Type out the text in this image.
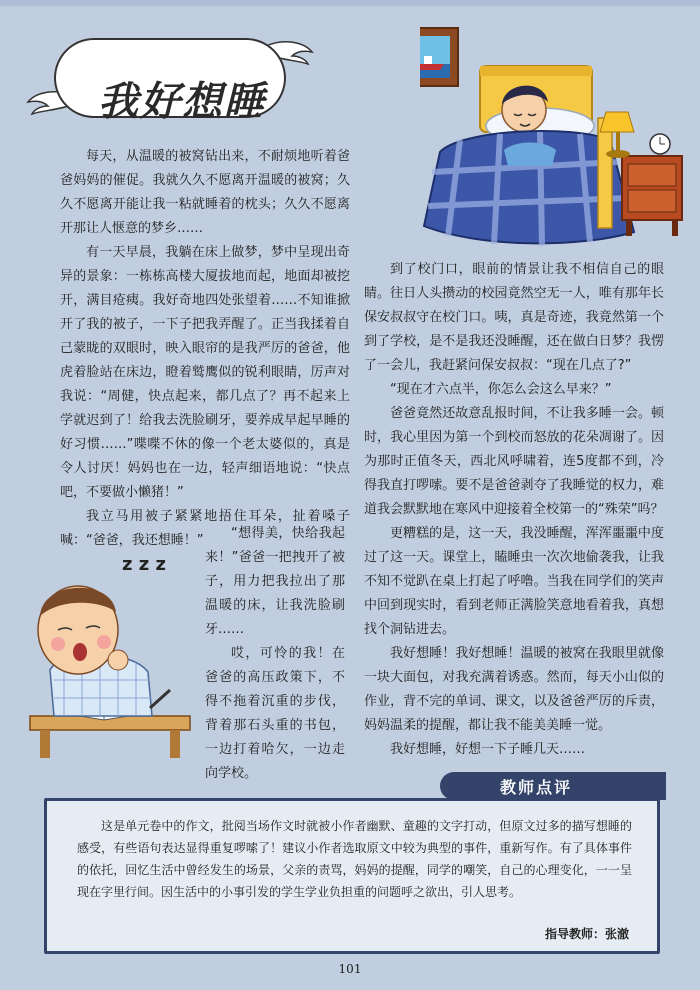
我好想睡

每天，从温暖的被窝钻出来，不耐烦地听着爸爸妈妈的催促。我就久久不愿离开温暖的被窝；久久不愿离开能让我一粘就睡着的枕头；久久不愿离开那让人惬意的梦乡……

有一天早晨，我躺在床上做梦，梦中呈现出奇异的景象：一栋栋高楼大厦拔地而起，地面却被挖开，满目疮痍。我好奇地四处张望着……不知谁掀开了我的被子，一下子把我弄醒了。正当我揉着自己蒙眬的双眼时，映入眼帘的是我严厉的爸爸，他虎着脸站在床边，瞪着鹫鹰似的锐利眼睛，厉声对我说：“周健，快点起来，都几点了？再不起来上学就迟到了！给我去洗脸刷牙，要养成早起早睡的好习惯……”喋喋不休的像一个老太婆似的，真是令人讨厌！妈妈也在一边，轻声细语地说：“快点吧，不要做小懒猪！”

我立马用被子紧紧地捂住耳朵，扯着嗓子喊：“爸爸，我还想睡！”

z z z

“想得美，快给我起来！”爸爸一把拽开了被子，用力把我拉出了那温暖的床，让我洗脸刷牙……

哎，可怜的我！在爸爸的高压政策下，不得不拖着沉重的步伐，背着那石头重的书包，一边打着哈欠，一边走向学校。

到了校门口，眼前的情景让我不相信自己的眼睛。往日人头攒动的校园竟然空无一人，唯有那年长保安叔叔守在校门口。咦，真是奇迹，我竟然第一个到了学校，是不是我还没睡醒，还在做白日梦？我愣了一会儿，我赶紧问保安叔叔：“现在几点了?”

“现在才六点半，你怎么会这么早来？”

爸爸竟然还故意乱报时间，不让我多睡一会。顿时，我心里因为第一个到校而怒放的花朵凋谢了。因为那时正值冬天，西北风呼啸着，连5度都不到，冷得我直打啰嗦。要不是爸爸剥夺了我睡觉的权力，难道我会默默地在寒风中迎接着全校第一的“殊荣”吗？

更糟糕的是，这一天，我没睡醒，浑浑噩噩中度过了这一天。课堂上，瞌睡虫一次次地偷袭我，让我不知不觉趴在桌上打起了呼噜。当我在同学们的笑声中回到现实时，看到老师正满脸笑意地看着我，真想找个洞钻进去。

我好想睡！我好想睡！温暖的被窝在我眼里就像一块大面包，对我充满着诱惑。然而，每天小山似的作业，背不完的单词、课文，以及爸爸严厉的斥责，妈妈温柔的提醒，都让我不能美美睡一觉。

我好想睡，好想一下子睡几天……

教师点评

这是单元卷中的作文，批阅当场作文时就被小作者幽默、童趣的文字打动，但原文过多的描写想睡的感受，有些语句表达显得重复啰嗦了！建议小作者选取原文中较为典型的事件，重新写作。有了具体事件的依托，回忆生活中曾经发生的场景，父亲的责骂，妈妈的提醒，同学的嘲笑，自己的心理变化，一一呈现在字里行间。因生活中的小事引发的学生学业负担重的问题呼之欲出，引人思考。

指导教师：张澈
101
